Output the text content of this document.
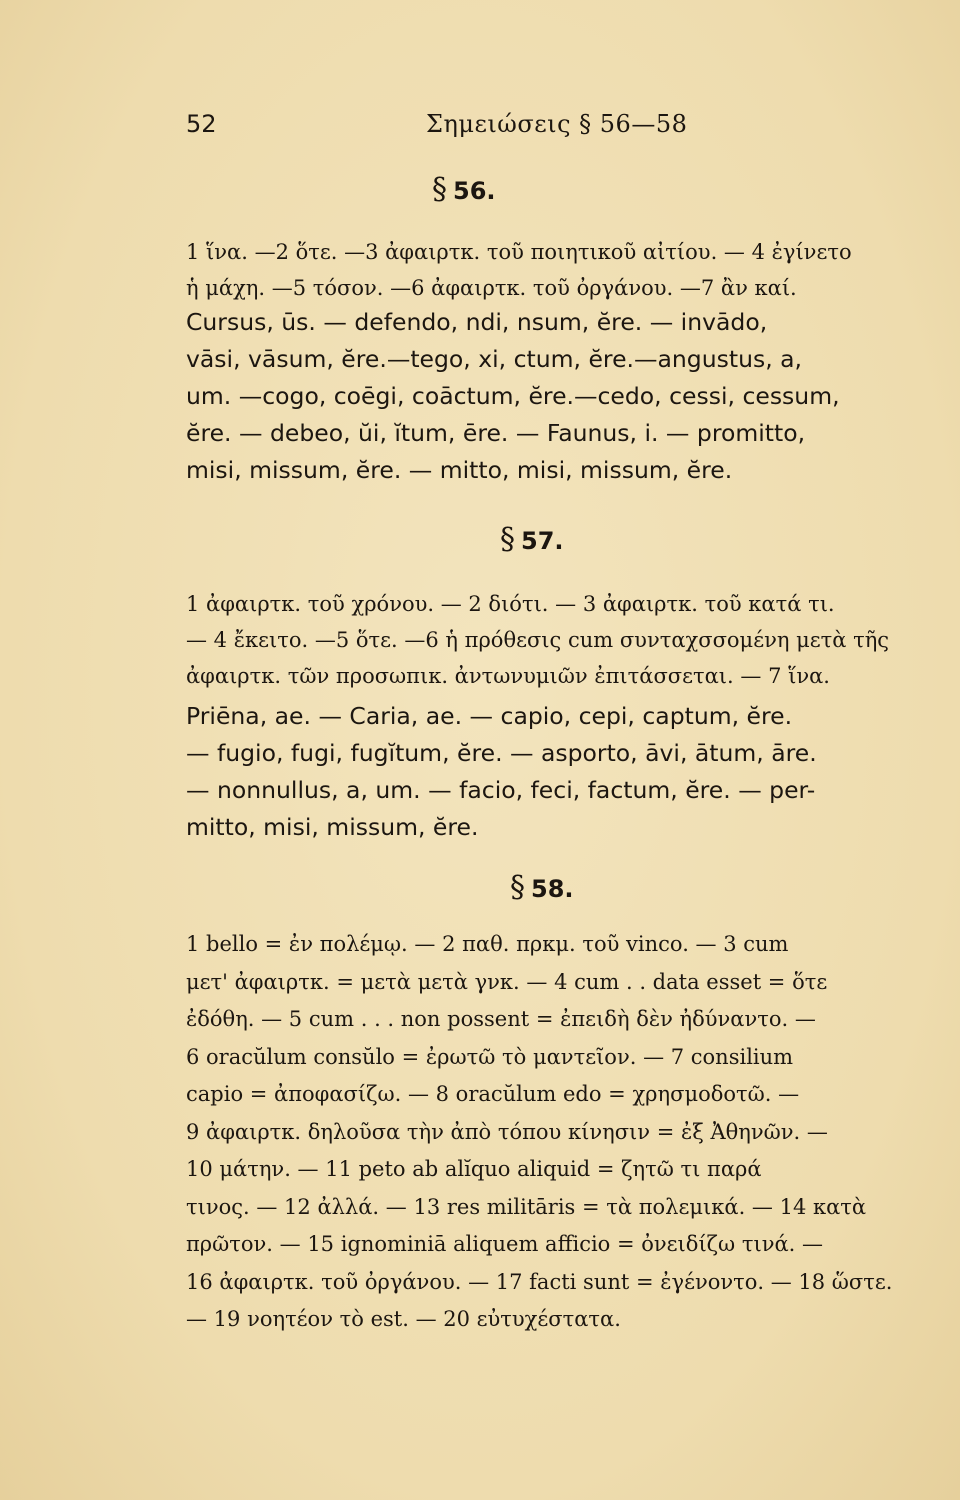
52	Σημειώσεις § 56—58
§ 56.
1 ἵνα. —2 ὅτε. —3 ἀφαιρτκ. τοῦ ποιητικοῦ αἰτίου. — 4 ἐγίνετο
ἡ μάχη. —5 τόσον. —6 ἀφαιρτκ. τοῦ ὀργάνου. —7 ἂν καί.
Cursus, ūs. — defendo, ndi, nsum, ĕre. — invādo,
vāsi, vāsum, ĕre.—tego, xi, ctum, ĕre.—angustus, a,
um. —cogo, coēgi, coāctum, ĕre.—cedo, cessi, cessum,
ĕre. — debeo, ŭi, ĭtum, ēre. — Faunus, i. — promitto,
misi, missum, ĕre. — mitto, misi, missum, ĕre.
§ 57.
1 ἀφαιρτκ. τοῦ χρόνου. — 2 διότι. — 3 ἀφαιρτκ. τοῦ κατά τι.
— 4 ἔκειτο. —5 ὅτε. —6 ἡ πρόθεσις cum συνταχσσομένη μετὰ τῆς
ἀφαιρτκ. τῶν προσωπικ. ἀντωνυμιῶν ἐπιτάσσεται. — 7 ἵνα.
Priēna, ae. — Caria, ae. — capio, cepi, captum, ĕre.
— fugio, fugi, fugĭtum, ĕre. — asporto, āvi, ātum, āre.
— nonnullus, a, um. — facio, feci, factum, ĕre. — per-
mitto, misi, missum, ĕre.
§ 58.
1 bello = ἐν πολέμῳ. — 2 παθ. πρκμ. τοῦ vinco. — 3 cum
μετ' ἀφαιρτκ. = μετὰ μετὰ γνκ. — 4 cum . . data esset = ὅτε
ἐδόθη. — 5 cum . . . non possent = ἐπειδὴ δὲν ἠδύναντο. —
6 oracŭlum consŭlo = ἐρωτῶ τὸ μαντεῖον. — 7 consilium
capio = ἀποφασίζω. — 8 oracŭlum edo = χρησμοδοτῶ. —
9 ἀφαιρτκ. δηλοῦσα τὴν ἀπὸ τόπου κίνησιν = ἐξ Ἀθηνῶν. —
10 μάτην. — 11 peto ab alĭquo aliquid = ζητῶ τι παρά
τινος. — 12 ἀλλά. — 13 res militāris = τὰ πολεμικά. — 14 κατὰ
πρῶτον. — 15 ignominiā aliquem afficio = ὀνειδίζω τινά. —
16 ἀφαιρτκ. τοῦ ὀργάνου. — 17 facti sunt = ἐγένοντο. — 18 ὥστε.
— 19 νοητέον τὸ est. — 20 εὐτυχέστατα.
